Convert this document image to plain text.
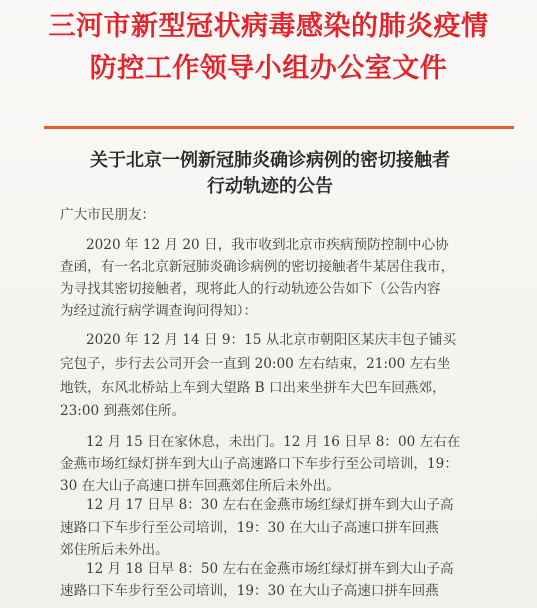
三河市新型冠状病毒感染的肺炎疫情
防控工作领导小组办公室文件
关于北京一例新冠肺炎确诊病例的密切接触者
行动轨迹的公告
广大市民朋友：
2020 年 12 月 20 日，我市收到北京市疾病预防控制中心协
查函，有一名北京新冠肺炎确诊病例的密切接触者牛某居住我市，
为寻找其密切接触者，现将此人的行动轨迹公告如下（公告内容
为经过流行病学调查询问得知）：
2020 年 12 月 14 日 9：15 从北京市朝阳区某庆丰包子铺买
完包子，步行去公司开会一直到 20:00 左右结束，21:00 左右坐
地铁，东风北桥站上车到大望路 B 口出来坐拼车大巴车回燕郊，
23:00 到燕郊住所。
12 月 15 日在家休息，未出门。12 月 16 日早 8：00 左右在
金燕市场红绿灯拼车到大山子高速路口下车步行至公司培训，19：
30 在大山子高速口拼车回燕郊住所后未外出。
12 月 17 日早 8：30 左右在金燕市场红绿灯拼车到大山子高
速路口下车步行至公司培训，19：30 在大山子高速口拼车回燕
郊住所后未外出。
12 月 18 日早 8：50 左右在金燕市场红绿灯拼车到大山子高
速路口下车步行至公司培训，19：30 在大山子高速口拼车回燕
